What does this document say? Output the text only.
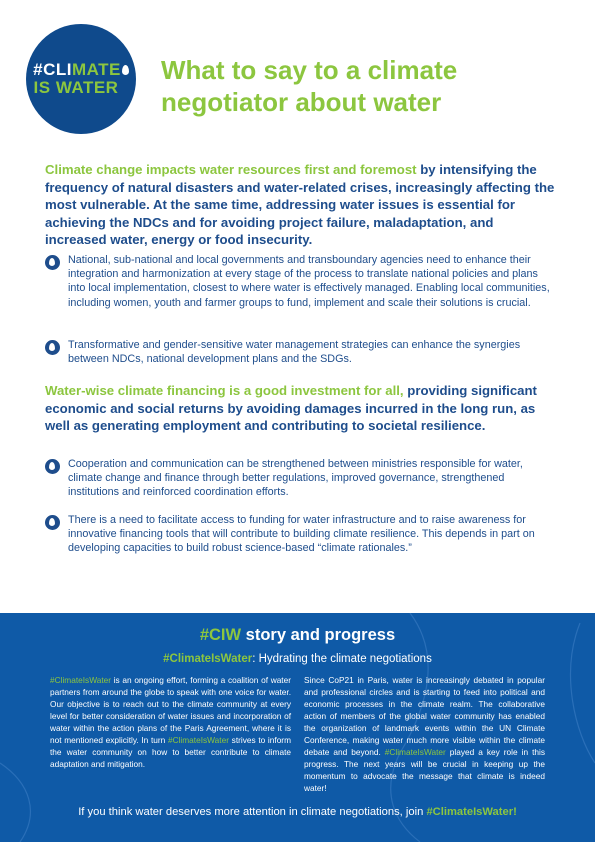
#CLIMATE
IS WATER
What to say to a climate negotiator about water

Climate change impacts water resources first and foremost by intensifying the frequency of natural disasters and water-related crises, increasingly affecting the most vulnerable. At the same time, addressing water issues is essential for achieving the NDCs and for avoiding project failure, maladaptation, and increased water, energy or food insecurity.

National, sub-national and local governments and transboundary agencies need to enhance their integration and harmonization at every stage of the process to translate national policies and plans into local implementation, closest to where water is effectively managed. Enabling local communities, including women, youth and farmer groups to fund, implement and scale their solutions is crucial.
Transformative and gender-sensitive water management strategies can enhance the synergies between NDCs, national development plans and the SDGs.

Water-wise climate financing is a good investment for all, providing significant economic and social returns by avoiding damages incurred in the long run, as well as generating employment and contributing to societal resilience.

Cooperation and communication can be strengthened between ministries responsible for water, climate change and finance through better regulations, improved governance, strengthened institutions and reinforced coordination efforts.
There is a need to facilitate access to funding for water infrastructure and to raise awareness for innovative financing tools that will contribute to building climate resilience. This depends in part on developing capacities to build robust science-based “climate rationales.”

#CIW story and progress

#ClimateIsWater: Hydrating the climate negotiations

#ClimateIsWater is an ongoing effort, forming a coalition of water partners from around the globe to speak with one voice for water. Our objective is to reach out to the climate community at every level for better consideration of water issues and incorporation of water within the action plans of the Paris Agreement, where it is not mentioned explicitly. In turn #ClimateIsWater strives to inform the water community on how to better contribute to climate adaptation and mitigation.

Since CoP21 in Paris, water is increasingly debated in popular and professional circles and is starting to feed into political and economic processes in the climate realm. The collaborative action of members of the global water community has enabled the organization of landmark events within the UN Climate Conference, making water much more visible within the climate debate and beyond. #ClimateIsWater played a key role in this progress. The next years will be crucial in keeping up the momentum to advocate the message that climate is indeed water!

If you think water deserves more attention in climate negotiations, join #ClimateIsWater!
